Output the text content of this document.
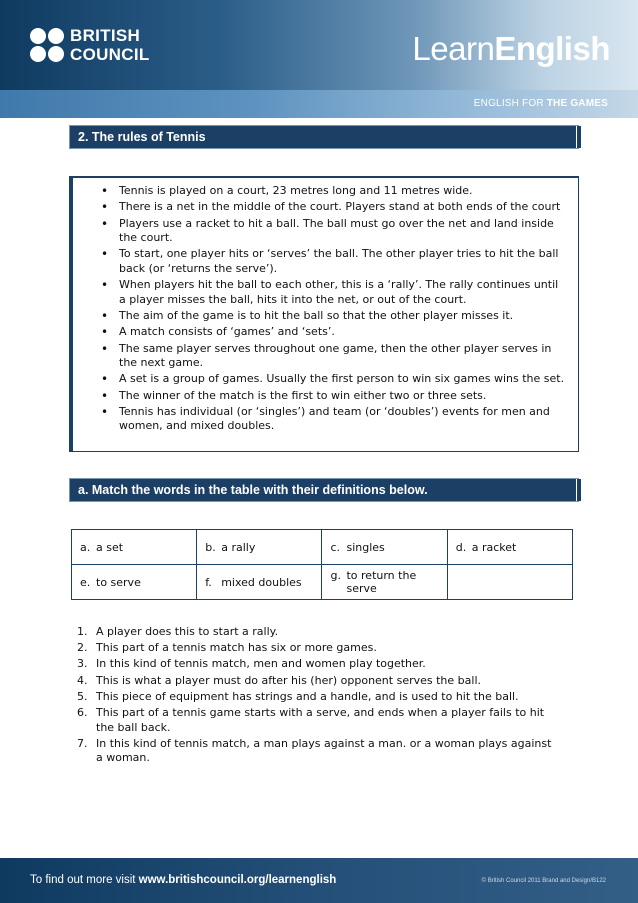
BRITISH
COUNCIL	LearnEnglish
ENGLISH FOR THE GAMES
2. The rules of Tennis
• Tennis is played on a court, 23 metres long and 11 metres wide.
• There is a net in the middle of the court. Players stand at both ends of the court
• Players use a racket to hit a ball. The ball must go over the net and land inside the court.
• To start, one player hits or ‘serves’ the ball. The other player tries to hit the ball back (or ‘returns the serve’).
• When players hit the ball to each other, this is a ‘rally’. The rally continues until a player misses the ball, hits it into the net, or out of the court.
• The aim of the game is to hit the ball so that the other player misses it.
• A match consists of ‘games’ and ‘sets’.
• The same player serves throughout one game, then the other player serves in the next game.
• A set is a group of games. Usually the first person to win six games wins the set.
• The winner of the match is the first to win either two or three sets.
• Tennis has individual (or ‘singles’) and team (or ‘doubles’) events for men and women, and mixed doubles.
a. Match the words in the table with their definitions below.
a. a set	b. a rally	c. singles	d. a racket

e. to serve	f. mixed doubles	g. to return the serve	

1. A player does this to start a rally.
2. This part of a tennis match has six or more games.
3. In this kind of tennis match, men and women play together.
4. This is what a player must do after his (her) opponent serves the ball.
5. This piece of equipment has strings and a handle, and is used to hit the ball.
6. This part of a tennis game starts with a serve, and ends when a player fails to hit the ball back.
7. In this kind of tennis match, a man plays against a man. or a woman plays against a woman.
To find out more visit www.britishcouncil.org/learnenglish	© British Council 2011 Brand and Design/B122
